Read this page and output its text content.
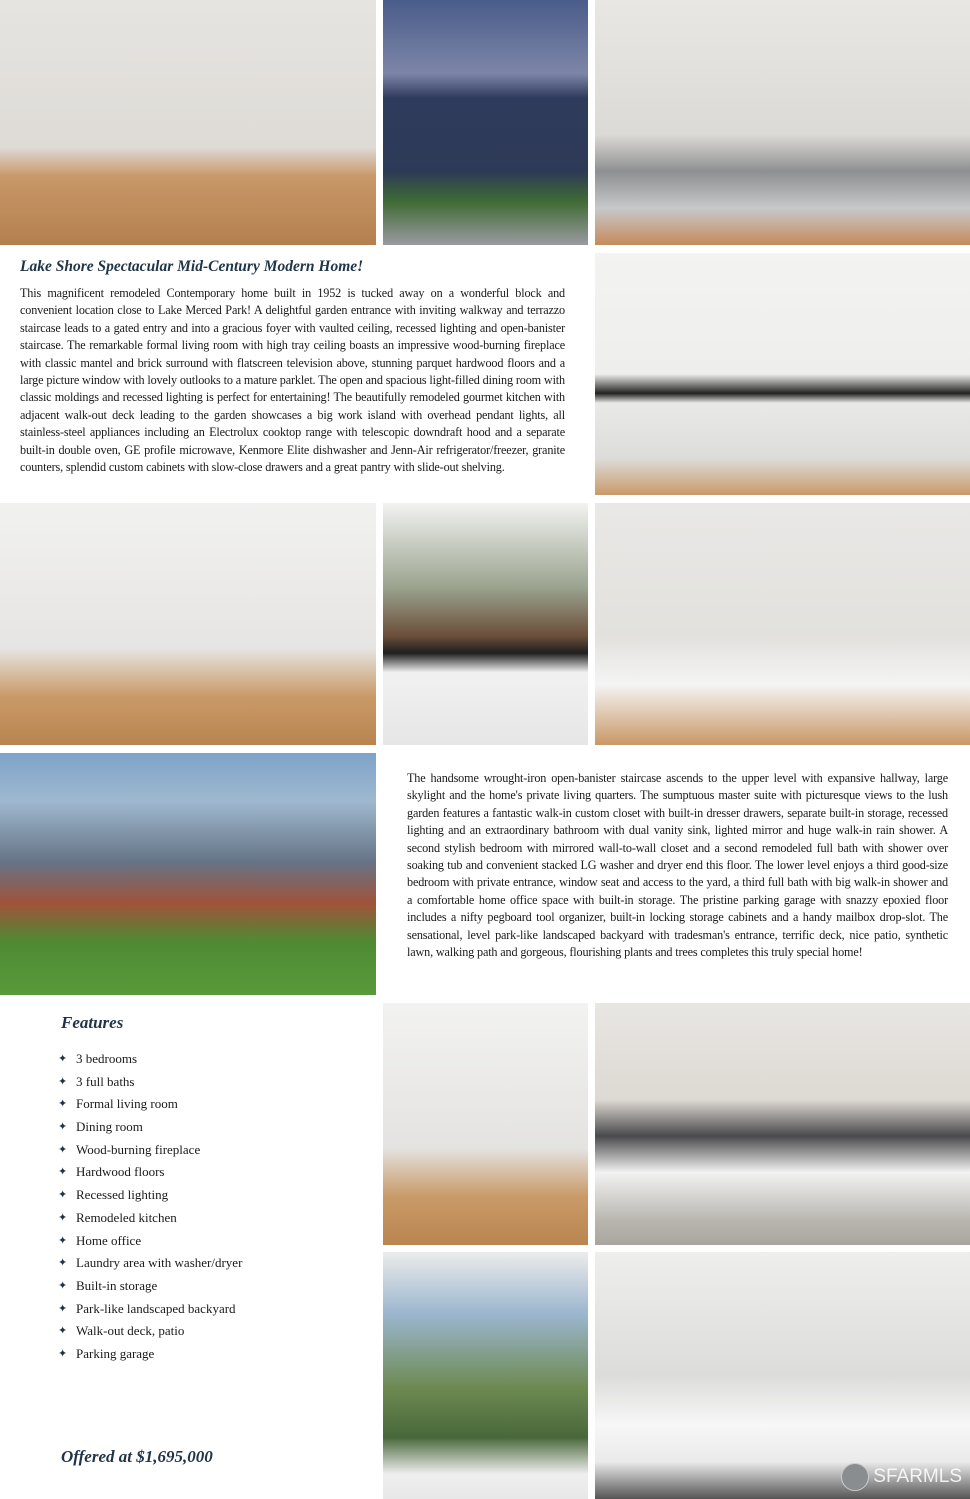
Lake Shore Spectacular Mid-Century Modern Home!

This magnificent remodeled Contemporary home built in 1952 is tucked away on a wonderful block and convenient location close to Lake Merced Park! A delightful garden entrance with inviting walkway and terrazzo staircase leads to a gated entry and into a gracious foyer with vaulted ceiling, recessed lighting and open-banister staircase. The remarkable formal living room with high tray ceiling boasts an impressive wood-burning fireplace with classic mantel and brick surround with flatscreen television above, stunning parquet hardwood floors and a large picture window with lovely outlooks to a mature parklet. The open and spacious light-filled dining room with classic moldings and recessed lighting is perfect for entertaining! The beautifully remodeled gourmet kitchen with adjacent walk-out deck leading to the garden showcases a big work island with overhead pendant lights, all stainless-steel appliances including an Electrolux cooktop range with telescopic downdraft hood and a separate built-in double oven, GE profile microwave, Kenmore Elite dishwasher and Jenn-Air refrigerator/freezer, granite counters, splendid custom cabinets with slow-close drawers and a great pantry with slide-out shelving.

The handsome wrought-iron open-banister staircase ascends to the upper level with expansive hallway, large skylight and the home's private living quarters. The sumptuous master suite with picturesque views to the lush garden features a fantastic walk-in custom closet with built-in dresser drawers, separate built-in storage, recessed lighting and an extraordinary bathroom with dual vanity sink, lighted mirror and huge walk-in rain shower. A second stylish bedroom with mirrored wall-to-wall closet and a second remodeled full bath with shower over soaking tub and convenient stacked LG washer and dryer end this floor. The lower level enjoys a third good-size bedroom with private entrance, window seat and access to the yard, a third full bath with big walk-in shower and a comfortable home office space with built-in storage. The pristine parking garage with snazzy epoxied floor includes a nifty pegboard tool organizer, built-in locking storage cabinets and a handy mailbox drop-slot. The sensational, level park-like landscaped backyard with tradesman's entrance, terrific deck, nice patio, synthetic lawn, walking path and gorgeous, flourishing plants and trees completes this truly special home!

Features
✦ 3 bedrooms
✦ 3 full baths
✦ Formal living room
✦ Dining room
✦ Wood-burning fireplace
✦ Hardwood floors
✦ Recessed lighting
✦ Remodeled kitchen
✦ Home office
✦ Laundry area with washer/dryer
✦ Built-in storage
✦ Park-like landscaped backyard
✦ Walk-out deck, patio
✦ Parking garage
Offered at $1,695,000
SFARMLS
